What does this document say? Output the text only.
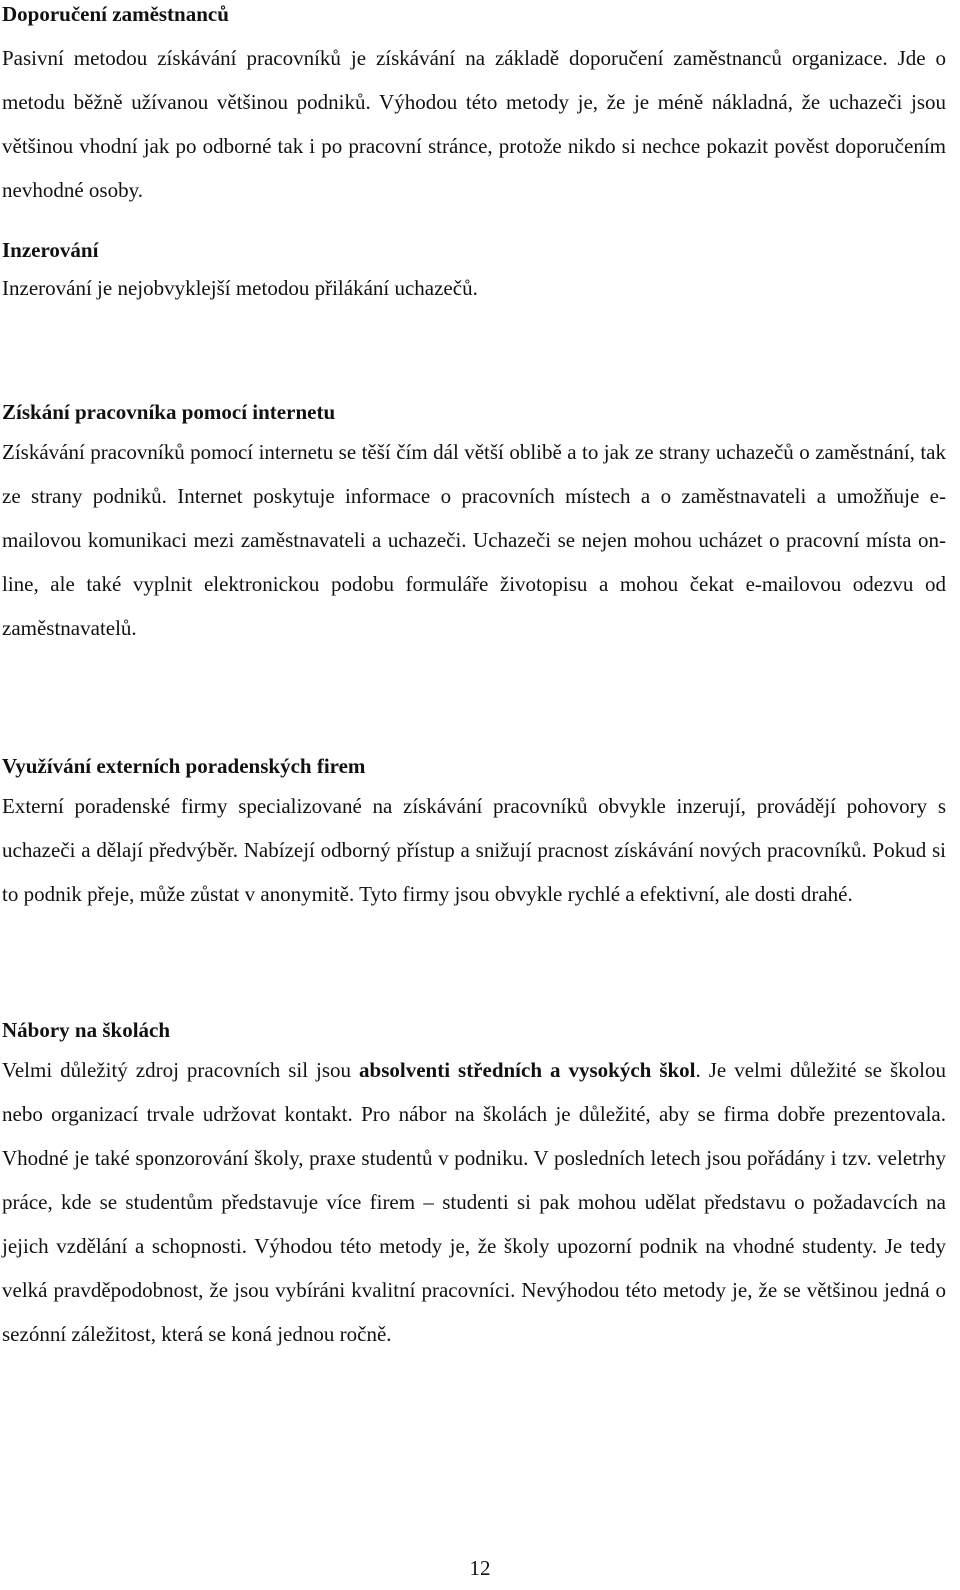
Doporučení zaměstnanců

Pasivní metodou získávání pracovníků je získávání na základě doporučení zaměstnanců organizace. Jde o metodu běžně užívanou většinou podniků. Výhodou této metody je, že je méně nákladná, že uchazeči jsou většinou vhodní jak po odborné tak i po pracovní stránce, protože nikdo si nechce pokazit pověst doporučením nevhodné osoby.

Inzerování

Inzerování je nejobvyklejší metodou přilákání uchazečů.

Získání pracovníka pomocí internetu

Získávání pracovníků pomocí internetu se těší čím dál větší oblibě a to jak ze strany uchazečů o zaměstnání, tak ze strany podniků. Internet poskytuje informace o pracovních místech a o zaměstnavateli a umožňuje e-mailovou komunikaci mezi zaměstnavateli a uchazeči. Uchazeči se nejen mohou ucházet o pracovní místa on-line, ale také vyplnit elektronickou podobu formuláře životopisu a mohou čekat e-mailovou odezvu od zaměstnavatelů.

Využívání externích poradenských firem

Externí poradenské firmy specializované na získávání pracovníků obvykle inzerují, provádějí pohovory s uchazeči a dělají předvýběr. Nabízejí odborný přístup a snižují pracnost získávání nových pracovníků. Pokud si to podnik přeje, může zůstat v anonymitě. Tyto firmy jsou obvykle rychlé a efektivní, ale dosti drahé.

Nábory na školách

Velmi důležitý zdroj pracovních sil jsou absolventi středních a vysokých škol. Je velmi důležité se školou nebo organizací trvale udržovat kontakt. Pro nábor na školách je důležité, aby se firma dobře prezentovala. Vhodné je také sponzorování školy, praxe studentů v podniku. V posledních letech jsou pořádány i tzv. veletrhy práce, kde se studentům představuje více firem – studenti si pak mohou udělat představu o požadavcích na jejich vzdělání a schopnosti. Výhodou této metody je, že školy upozorní podnik na vhodné studenty. Je tedy velká pravděpodobnost, že jsou vybíráni kvalitní pracovníci. Nevýhodou této metody je, že se většinou jedná o sezónní záležitost, která se koná jednou ročně.

12
